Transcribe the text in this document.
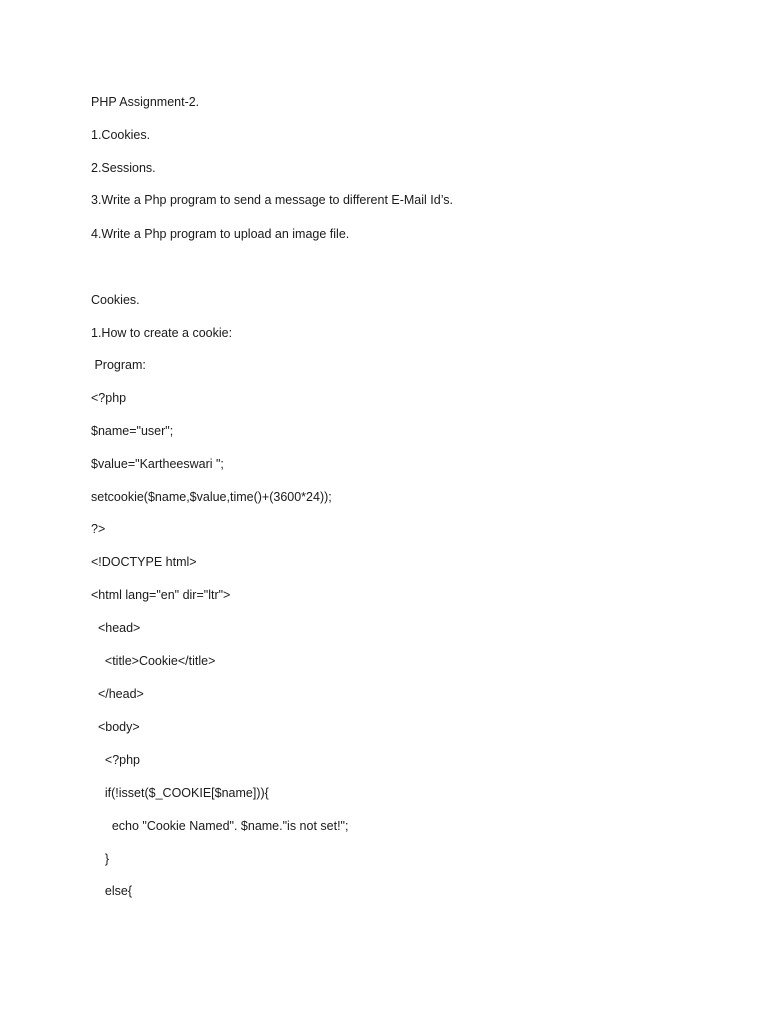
PHP Assignment-2.
1.Cookies.
2.Sessions.
3.Write a Php program to send a message to different E-Mail Id’s.
4.Write a Php program to upload an image file.
Cookies.
1.How to create a cookie:
Program:
<?php
$name="user";
$value="Kartheeswari ";
setcookie($name,$value,time()+(3600*24));
?>
<!DOCTYPE html>
<html lang="en" dir="ltr">
<head>
<title>Cookie</title>
</head>
<body>
<?php
if(!isset($_COOKIE[$name])){
echo "Cookie Named". $name."is not set!";
}
else{
